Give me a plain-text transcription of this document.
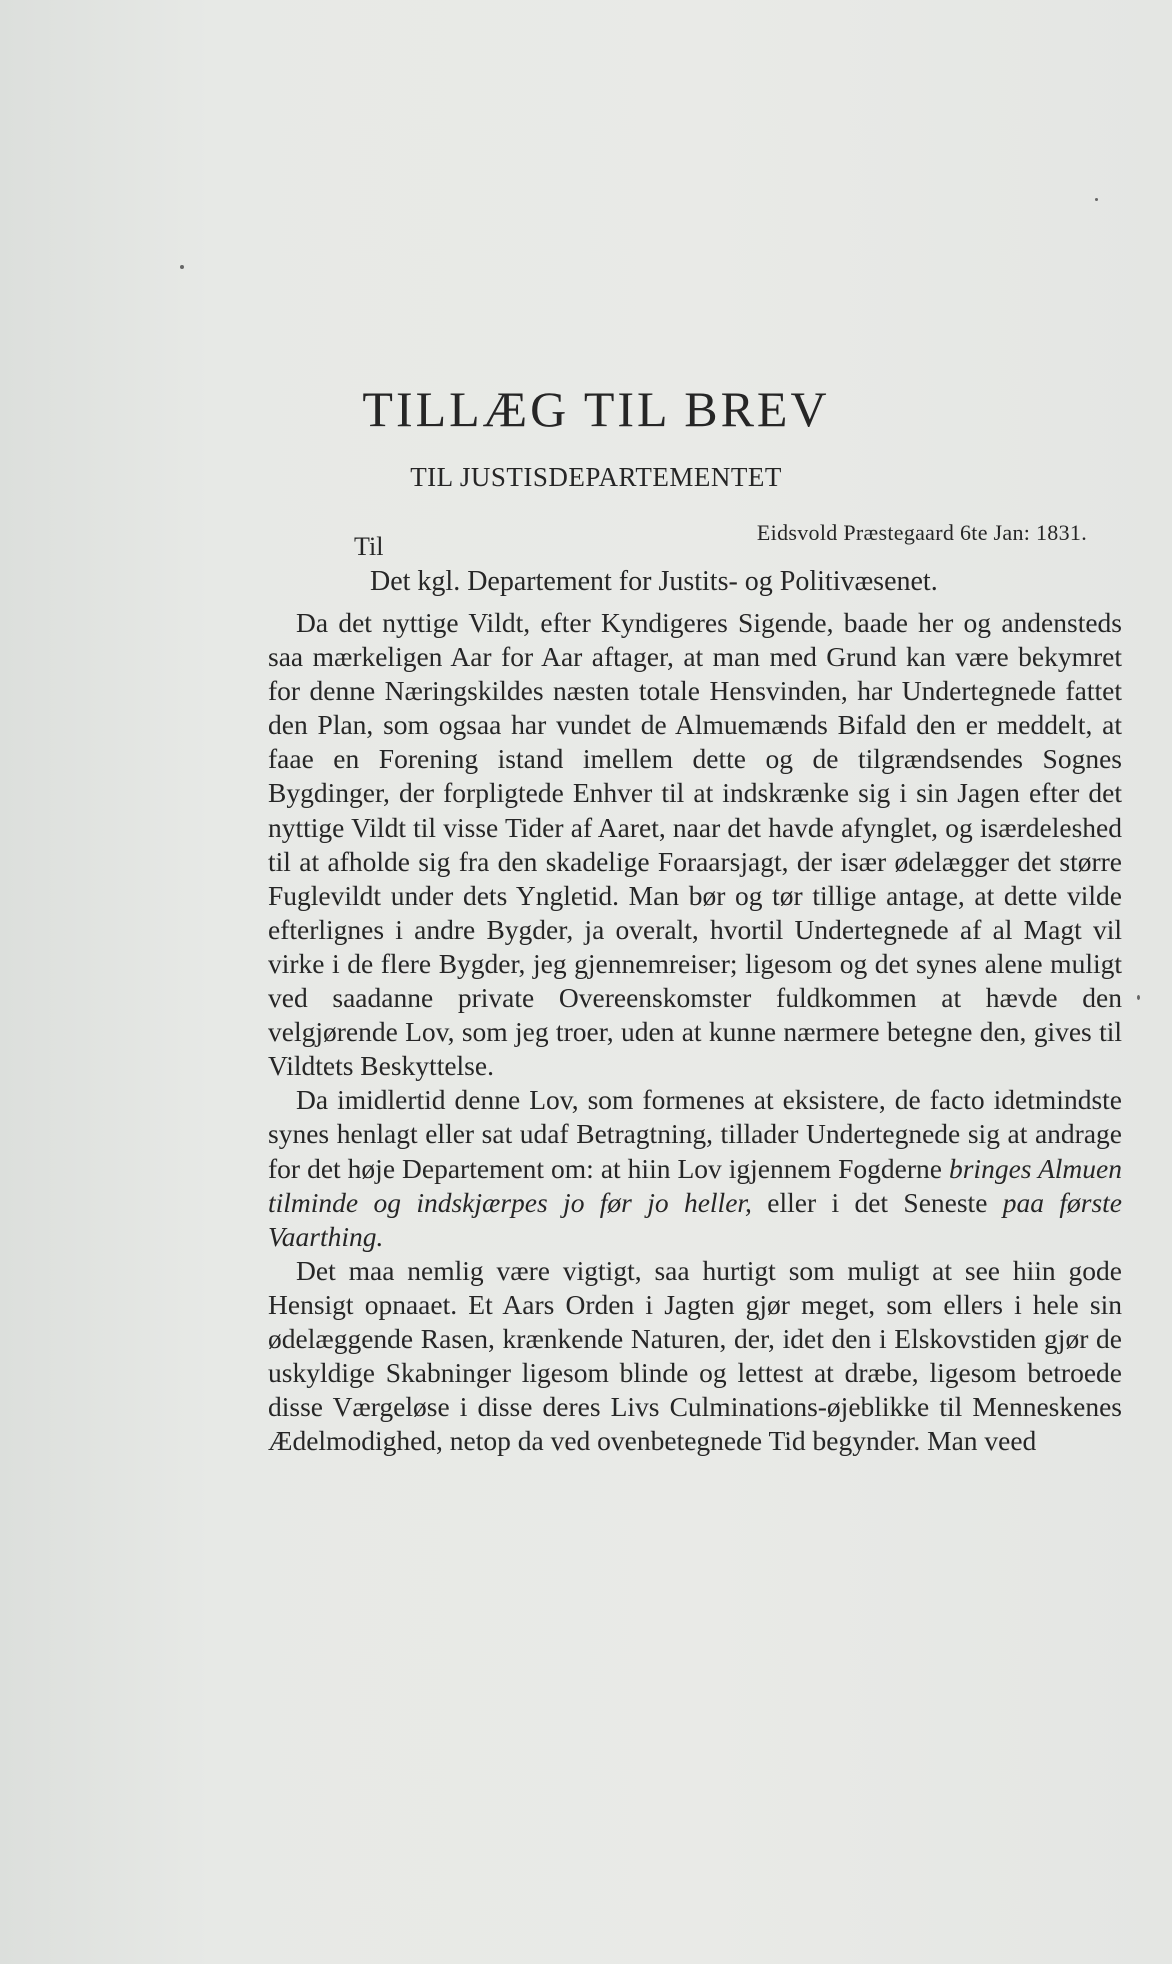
TILLÆG TIL BREV
TIL JUSTISDEPARTEMENTET
Til	Eidsvold Præstegaard 6te Jan: 1831.
Det kgl. Departement for Justits- og Politivæsenet.

Da det nyttige Vildt, efter Kyndigeres Sigende, baade her og andensteds saa mærkeligen Aar for Aar aftager, at man med Grund kan være bekymret for denne Næringskildes næsten totale Hensvinden, har Undertegnede fattet den Plan, som ogsaa har vundet de Almuemænds Bifald den er meddelt, at faae en Forening istand imellem dette og de tilgrændsendes Sognes Bygdinger, der forpligtede Enhver til at indskrænke sig i sin Jagen efter det nyttige Vildt til visse Tider af Aaret, naar det havde afynglet, og isærdeleshed til at afholde sig fra den skadelige Foraarsjagt, der især ødelægger det større Fuglevildt under dets Yngletid. Man bør og tør tillige antage, at dette vilde efterlignes i andre Bygder, ja overalt, hvortil Undertegnede af al Magt vil virke i de flere Bygder, jeg gjennemreiser; ligesom og det synes alene muligt ved saadanne private Overeenskomster fuldkommen at hævde den velgjørende Lov, som jeg troer, uden at kunne nærmere betegne den, gives til Vildtets Beskyttelse.

Da imidlertid denne Lov, som formenes at eksistere, de facto idetmindste synes henlagt eller sat udaf Betragtning, tillader Undertegnede sig at andrage for det høje Departement om: at hiin Lov igjennem Fogderne bringes Almuen tilminde og indskjærpes jo før jo heller, eller i det Seneste paa første Vaarthing.

Det maa nemlig være vigtigt, saa hurtigt som muligt at see hiin gode Hensigt opnaaet. Et Aars Orden i Jagten gjør meget, som ellers i hele sin ødelæggende Rasen, krænkende Naturen, der, idet den i Elskovstiden gjør de uskyldige Skabninger ligesom blinde og lettest at dræbe, ligesom betroede disse Værgeløse i disse deres Livs Culminations-øjeblikke til Menneskenes Ædelmodighed, netop da ved ovenbetegnede Tid begynder. Man veed
